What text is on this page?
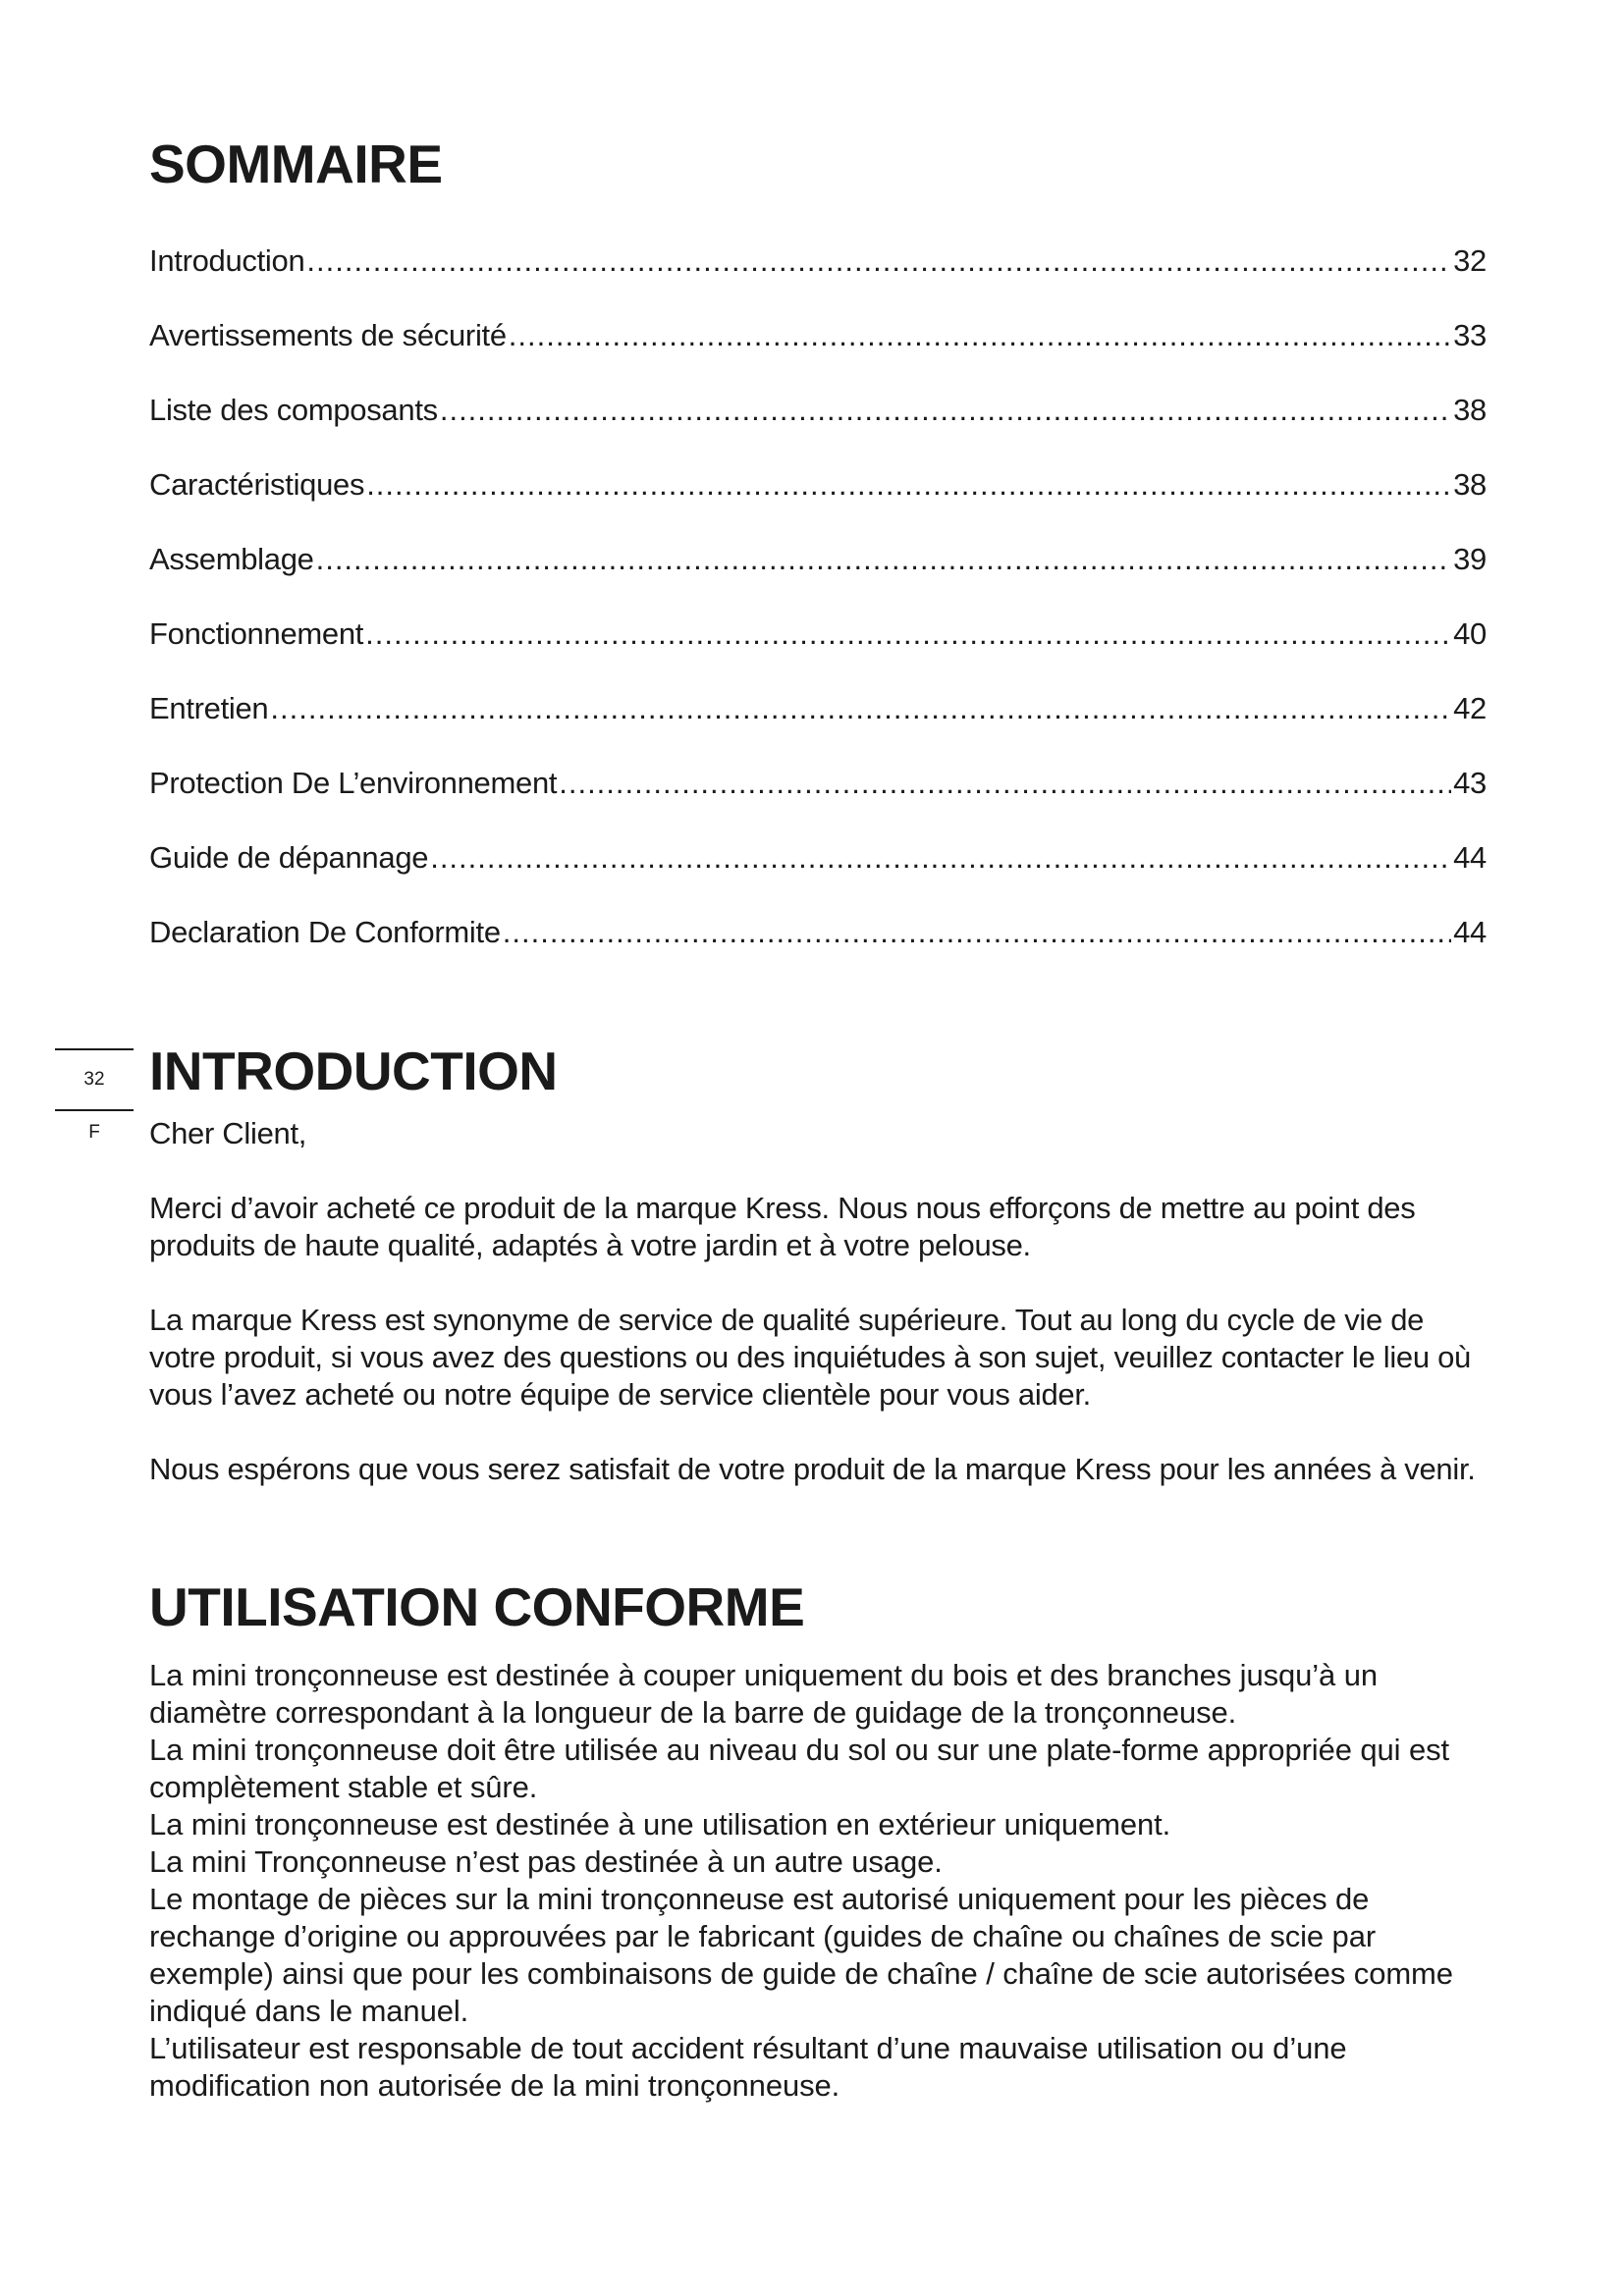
SOMMAIRE
Introduction .....	32
Avertissements de sécurité .....	33
Liste des composants .....	38
Caractéristiques .....	38
Assemblage .....	39
Fonctionnement .....	40
Entretien .....	42
Protection De L’environnement .....	43
Guide de dépannage .....	44
Declaration De Conformite .....	44
32
F
INTRODUCTION

Cher Client,

Merci d’avoir acheté ce produit de la marque Kress. Nous nous efforçons de mettre au point des produits de haute qualité, adaptés à votre jardin et à votre pelouse.

La marque Kress est synonyme de service de qualité supérieure. Tout au long du cycle de vie de votre produit, si vous avez des questions ou des inquiétudes à son sujet, veuillez contacter le lieu où vous l’avez acheté ou notre équipe de service clientèle pour vous aider.

Nous espérons que vous serez satisfait de votre produit de la marque Kress pour les années à venir.

UTILISATION CONFORME

La mini tronçonneuse est destinée à couper uniquement du bois et des branches jusqu’à un diamètre correspondant à la longueur de la barre de guidage de la tronçonneuse.

La mini tronçonneuse doit être utilisée au niveau du sol ou sur une plate-forme appropriée qui est complètement stable et sûre.

La mini tronçonneuse est destinée à une utilisation en extérieur uniquement.

La mini Tronçonneuse n’est pas destinée à un autre usage.

Le montage de pièces sur la mini tronçonneuse est autorisé uniquement pour les pièces de rechange d’origine ou approuvées par le fabricant (guides de chaîne ou chaînes de scie par exemple) ainsi que pour les combinaisons de guide de chaîne / chaîne de scie autorisées comme indiqué dans le manuel.

L’utilisateur est responsable de tout accident résultant d’une mauvaise utilisation ou d’une modification non autorisée de la mini tronçonneuse.
